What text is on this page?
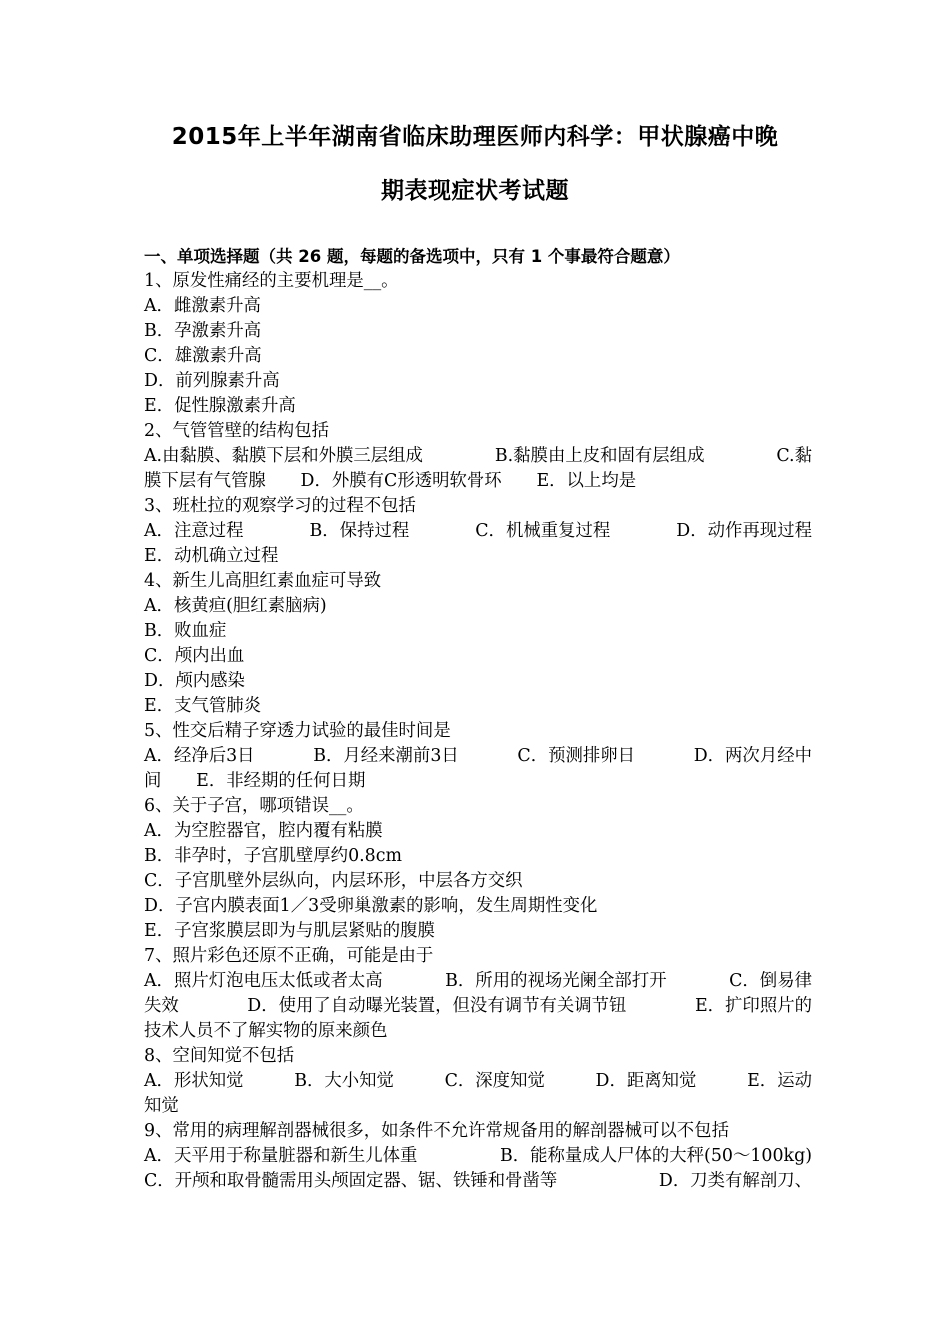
2015年上半年湖南省临床助理医师内科学：甲状腺癌中晚
期表现症状考试题
一、单项选择题（共 26 题，每题的备选项中，只有 1 个事最符合题意）
1、原发性痛经的主要机理是__。
A．雌激素升高
B．孕激素升高
C．雄激素升高
D．前列腺素升高
E．促性腺激素升高
2、气管管壁的结构包括
A.由黏膜、黏膜下层和外膜三层组成	B.黏膜由上皮和固有层组成	C.黏
膜下层有气管腺　　D．外膜有C形透明软骨环　　E．以上均是
3、班杜拉的观察学习的过程不包括
A．注意过程	B．保持过程	C．机械重复过程	D．动作再现过程
E．动机确立过程
4、新生儿高胆红素血症可导致
A．核黄疸(胆红素脑病)
B．败血症
C．颅内出血
D．颅内感染
E．支气管肺炎
5、性交后精子穿透力试验的最佳时间是
A．经净后3日	B．月经来潮前3日	C．预测排卵日	D．两次月经中
间　　E．非经期的任何日期
6、关于子宫，哪项错误__。
A．为空腔器官，腔内覆有粘膜
B．非孕时，子宫肌壁厚约0.8cm
C．子宫肌壁外层纵向，内层环形，中层各方交织
D．子宫内膜表面1／3受卵巢激素的影响，发生周期性变化
E．子宫浆膜层即为与肌层紧贴的腹膜
7、照片彩色还原不正确，可能是由于
A．照片灯泡电压太低或者太高	B．所用的视场光阑全部打开	C．倒易律
失效	D．使用了自动曝光装置，但没有调节有关调节钮	E．扩印照片的
技术人员不了解实物的原来颜色
8、空间知觉不包括
A．形状知觉	B．大小知觉	C．深度知觉	D．距离知觉	E．运动
知觉
9、常用的病理解剖器械很多，如条件不允许常规备用的解剖器械可以不包括
A．天平用于称量脏器和新生儿体重	B．能称量成人尸体的大秤(50～100kg)
C．开颅和取骨髓需用头颅固定器、锯、铁锤和骨凿等	D．刀类有解剖刀、
